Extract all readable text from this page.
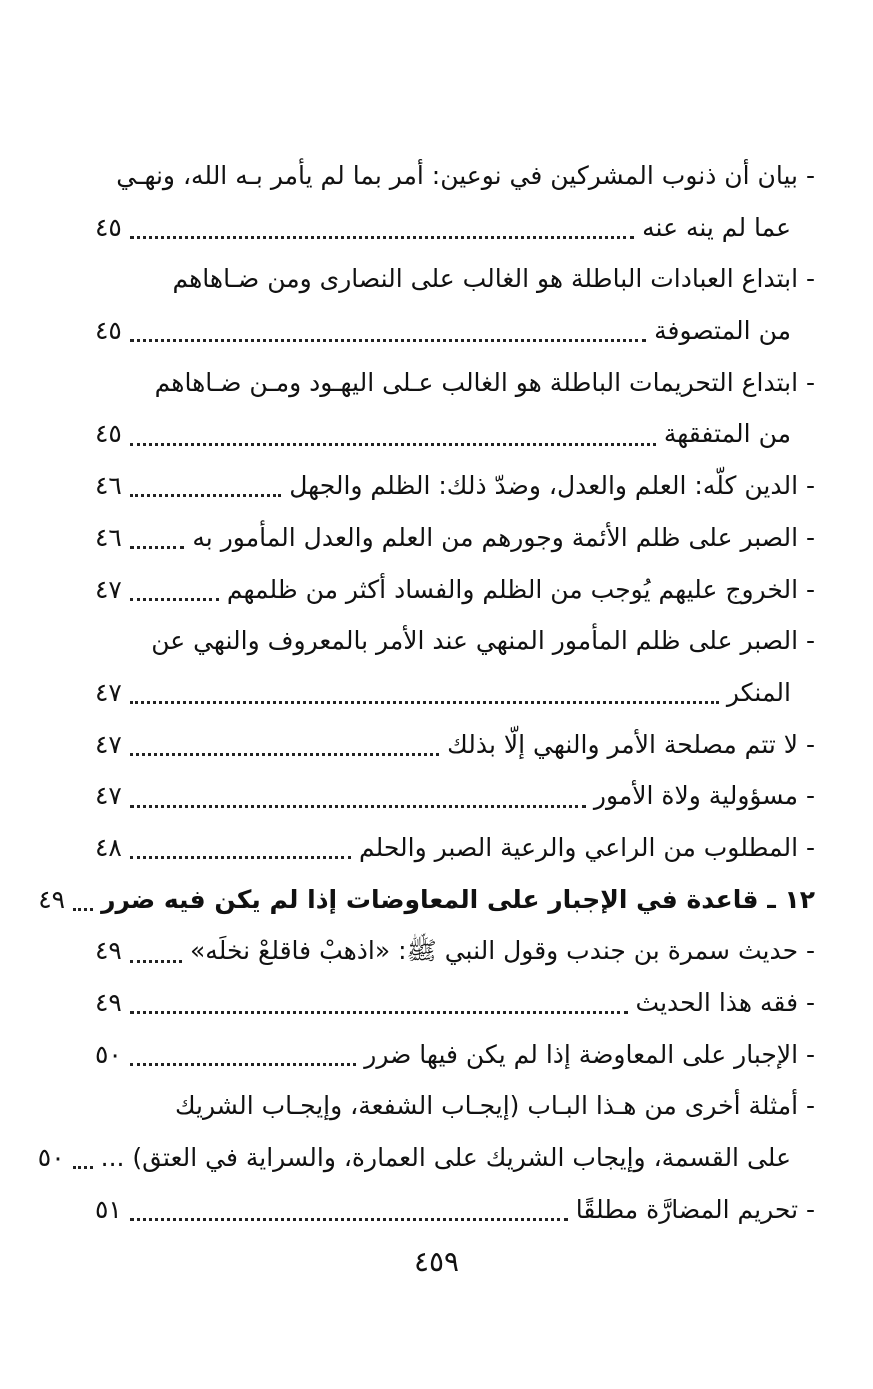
- بيان أن ذنوب المشركين في نوعين: أمر بما لم يأمر بـه الله، ونهـي
عما لم ينه عنه
٤٥
- ابتداع العبادات الباطلة هو الغالب على النصارى ومن ضـاهاهم
من المتصوفة
٤٥
- ابتداع التحريمات الباطلة هو الغالب عـلى اليهـود ومـن ضـاهاهم
من المتفقهة
٤٥
- الدين كلّه: العلم والعدل، وضدّ ذلك: الظلم والجهل
٤٦
- الصبر على ظلم الأئمة وجورهم من العلم والعدل المأمور به
٤٦
- الخروج عليهم يُوجب من الظلم والفساد أكثر من ظلمهم
٤٧
- الصبر على ظلم المأمور المنهي عند الأمر بالمعروف والنهي عن
المنكر
٤٧
- لا تتم مصلحة الأمر والنهي إلّا بذلك
٤٧
- مسؤولية ولاة الأمور
٤٧
- المطلوب من الراعي والرعية الصبر والحلم
٤٨
١٢ ـ قاعدة في الإجبار على المعاوضات إذا لم يكن فيه ضرر
٤٩
- حديث سمرة بن جندب وقول النبي ﷺ: «اذهبْ فاقلعْ نخلَه»
٤٩
- فقه هذا الحديث
٤٩
- الإجبار على المعاوضة إذا لم يكن فيها ضرر
٥٠
- أمثلة أخرى من هـذا البـاب (إيجـاب الشفعة، وإيجـاب الشريك
على القسمة، وإيجاب الشريك على العمارة، والسراية في العتق) ...
٥٠
- تحريم المضارَّة مطلقًا
٥١
٤٥٩
